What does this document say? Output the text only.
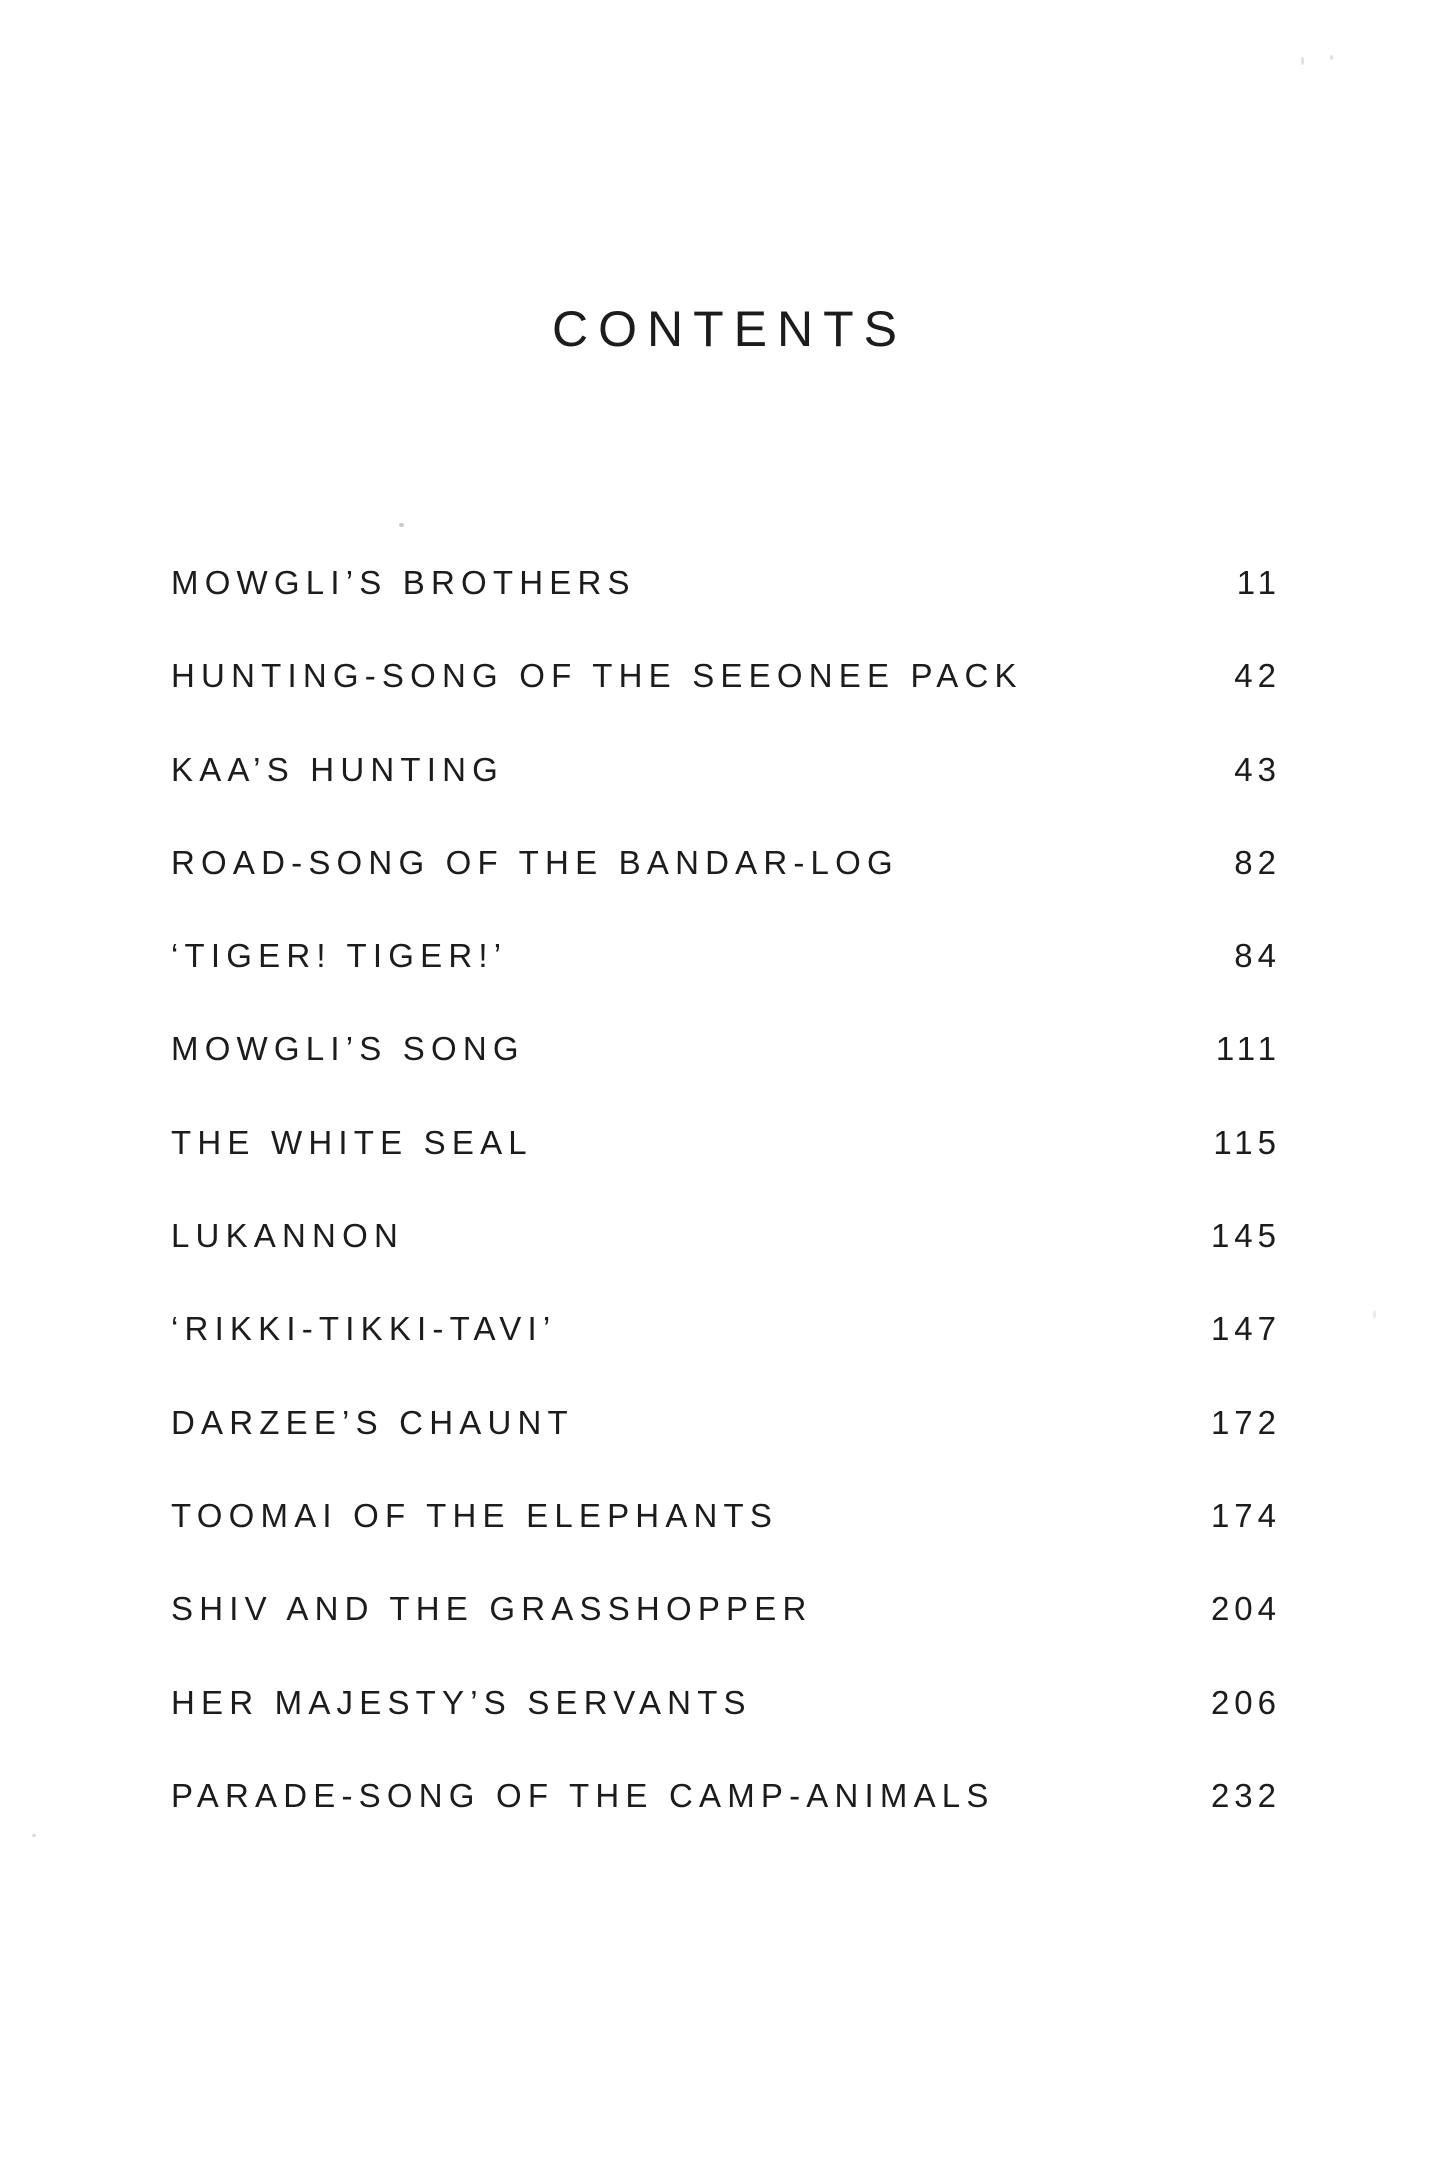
CONTENTS
MOWGLI’S BROTHERS	11
HUNTING-SONG OF THE SEEONEE PACK	42
KAA’S HUNTING	43
ROAD-SONG OF THE BANDAR-LOG	82
‘TIGER! TIGER!’	84
MOWGLI’S SONG	111
THE WHITE SEAL	115
LUKANNON	145
‘RIKKI-TIKKI-TAVI’	147
DARZEE’S CHAUNT	172
TOOMAI OF THE ELEPHANTS	174
SHIV AND THE GRASSHOPPER	204
HER MAJESTY’S SERVANTS	206
PARADE-SONG OF THE CAMP-ANIMALS	232
